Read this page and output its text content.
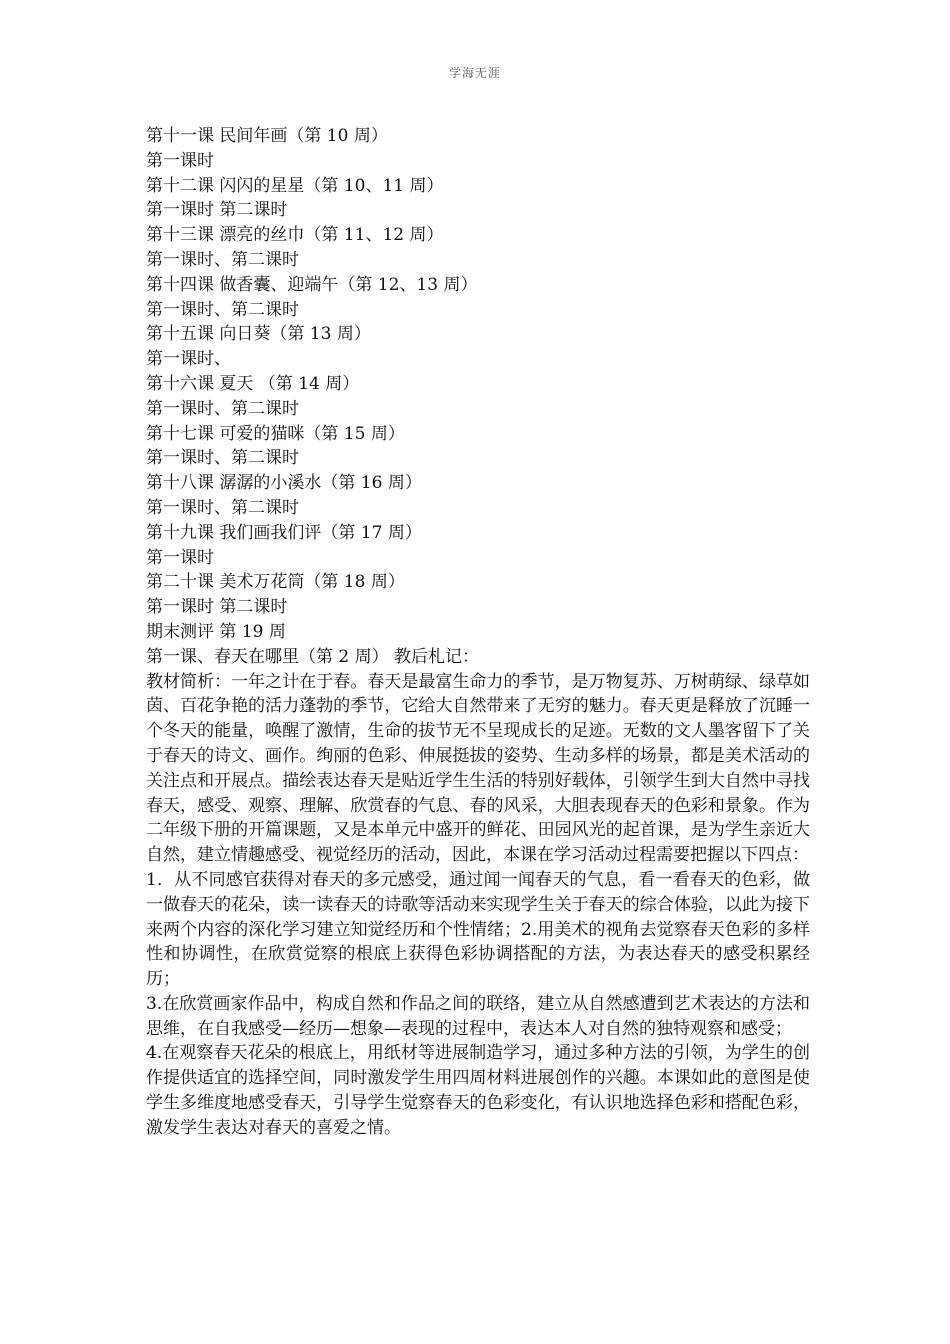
学海无涯
第十一课 民间年画（第 10 周）
第一课时
第十二课 闪闪的星星（第 10、11 周）
第一课时 第二课时
第十三课 漂亮的丝巾（第 11、12 周）
第一课时、第二课时
第十四课 做香囊、迎端午（第 12、13 周）
第一课时、第二课时
第十五课 向日葵（第 13 周）
第一课时、
第十六课 夏天 （第 14 周）
第一课时、第二课时
第十七课 可爱的猫咪（第 15 周）
第一课时、第二课时
第十八课 潺潺的小溪水（第 16 周）
第一课时、第二课时
第十九课 我们画我们评（第 17 周）
第一课时
第二十课 美术万花筒（第 18 周）
第一课时 第二课时
期末测评 第 19 周
第一课、春天在哪里（第 2 周） 教后札记：
教材简析：一年之计在于春。春天是最富生命力的季节，是万物复苏、万树萌绿、绿草如茵、百花争艳的活力蓬勃的季节，它给大自然带来了无穷的魅力。春天更是释放了沉睡一个冬天的能量，唤醒了激情，生命的拔节无不呈现成长的足迹。无数的文人墨客留下了关于春天的诗文、画作。绚丽的色彩、伸展挺拔的姿势、生动多样的场景，都是美术活动的关注点和开展点。描绘表达春天是贴近学生生活的特别好载体，引领学生到大自然中寻找春天，感受、观察、理解、欣赏春的气息、春的风采，大胆表现春天的色彩和景象。作为二年级下册的开篇课题，又是本单元中盛开的鲜花、田园风光的起首课，是为学生亲近大自然，建立情趣感受、视觉经历的活动，因此，本课在学习活动过程需要把握以下四点：
1．从不同感官获得对春天的多元感受，通过闻一闻春天的气息，看一看春天的色彩，做一做春天的花朵，读一读春天的诗歌等活动来实现学生关于春天的综合体验，以此为接下来两个内容的深化学习建立知觉经历和个性情绪；2.用美术的视角去觉察春天色彩的多样性和协调性，在欣赏觉察的根底上获得色彩协调搭配的方法，为表达春天的感受积累经历；
3.在欣赏画家作品中，构成自然和作品之间的联络，建立从自然感遭到艺术表达的方法和思维，在自我感受—经历—想象—表现的过程中，表达本人对自然的独特观察和感受；
4.在观察春天花朵的根底上，用纸材等进展制造学习，通过多种方法的引领，为学生的创作提供适宜的选择空间，同时激发学生用四周材料进展创作的兴趣。本课如此的意图是使学生多维度地感受春天，引导学生觉察春天的色彩变化，有认识地选择色彩和搭配色彩，激发学生表达对春天的喜爱之情。
